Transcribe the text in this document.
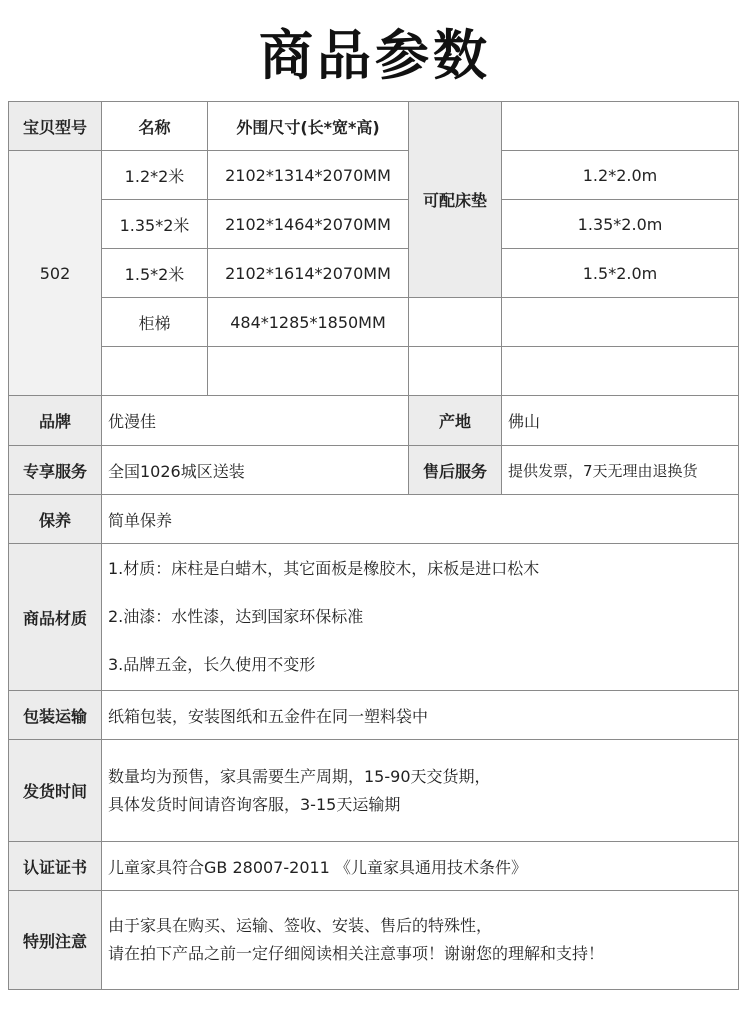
商品参数
宝贝型号	名称	外围尺寸(长*宽*高)	可配床垫	
502	1.2*2米	2102*1314*2070MM		1.2*2.0m
	1.35*2米	2102*1464*2070MM		1.35*2.0m
	1.5*2米	2102*1614*2070MM		1.5*2.0m
	柜梯	484*1285*1850MM		

品牌	优漫佳		产地	佛山
专享服务	全国1026城区送装		售后服务	提供发票，7天无理由退换货
保养	简单保养			
商品材质	1.材质：床柱是白蜡木，其它面板是橡胶木，床板是进口松木
2.油漆：水性漆，达到国家环保标准
3.品牌五金，长久使用不变形			

包装运输	纸箱包装，安装图纸和五金件在同一塑料袋中			
发货时间	数量均为预售，家具需要生产周期，15-90天交货期，
具体发货时间请咨询客服，3-15天运输期			

认证证书	儿童家具符合GB 28007-2011 《儿童家具通用技术条件》			
特别注意	由于家具在购买、运输、签收、安装、售后的特殊性，
请在拍下产品之前一定仔细阅读相关注意事项！谢谢您的理解和支持！			
